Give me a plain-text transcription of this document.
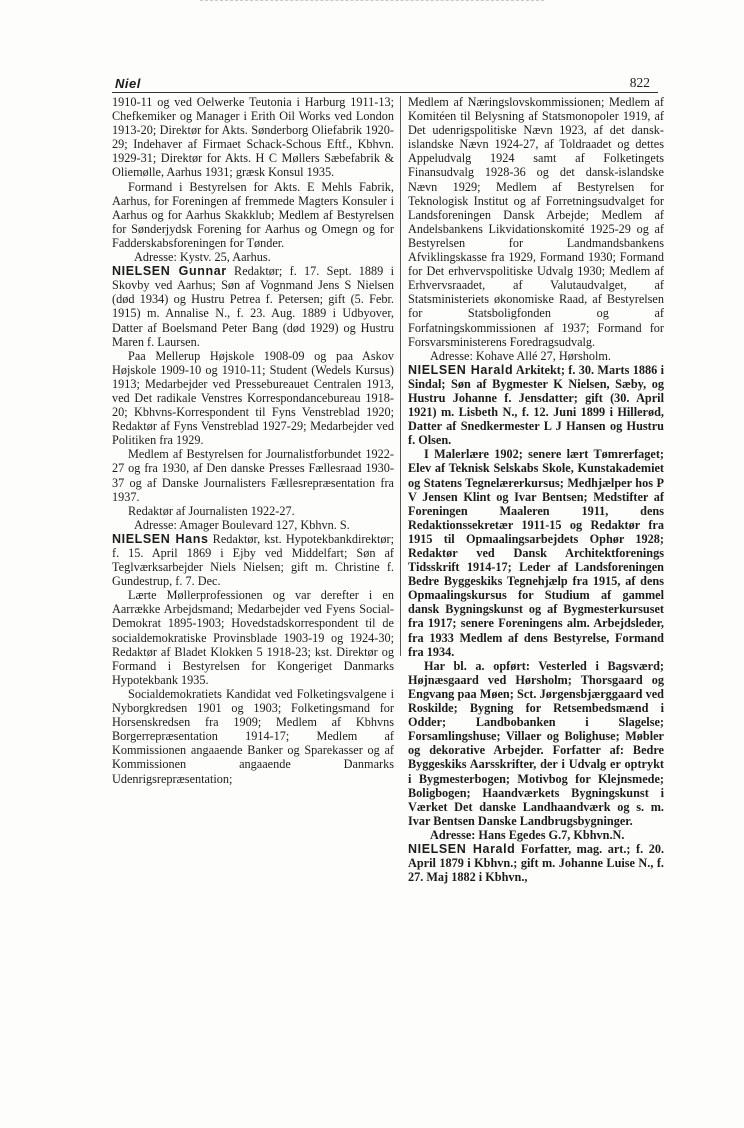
Niel	822

1910-11 og ved Oelwerke Teutonia i Harburg 1911-13; Chefkemiker og Manager i Erith Oil Works ved London 1913-20; Direktør for Akts. Sønderborg Oliefabrik 1920-29; Indehaver af Firmaet Schack-Schous Eftf., Kbhvn. 1929-31; Direktør for Akts. H C Møllers Sæbefabrik & Oliemølle, Aarhus 1931; græsk Konsul 1935.

Formand i Bestyrelsen for Akts. E Mehls Fabrik, Aarhus, for Foreningen af fremmede Magters Konsuler i Aarhus og for Aarhus Skakklub; Medlem af Bestyrelsen for Sønderjydsk Forening for Aarhus og Omegn og for Fadderskabsforeningen for Tønder.

Adresse: Kystv. 25, Aarhus.

NIELSEN Gunnar Redaktør; f. 17. Sept. 1889 i Skovby ved Aarhus; Søn af Vognmand Jens S Nielsen (død 1934) og Hustru Petrea f. Petersen; gift (5. Febr. 1915) m. Annalise N., f. 23. Aug. 1889 i Udbyover, Datter af Boelsmand Peter Bang (død 1929) og Hustru Maren f. Laursen.

Paa Mellerup Højskole 1908-09 og paa Askov Højskole 1909-10 og 1910-11; Student (Wedels Kursus) 1913; Medarbejder ved Pressebureauet Centralen 1913, ved Det radikale Venstres Korrespondancebureau 1918-20; Kbhvns-Korrespondent til Fyns Venstreblad 1920; Redaktør af Fyns Venstreblad 1927-29; Medarbejder ved Politiken fra 1929.

Medlem af Bestyrelsen for Journalistforbundet 1922-27 og fra 1930, af Den danske Presses Fællesraad 1930-37 og af Danske Journalisters Fællesrepræsentation fra 1937.

Redaktør af Journalisten 1922-27.

Adresse: Amager Boulevard 127, Kbhvn. S.

NIELSEN Hans Redaktør, kst. Hypotekbankdirektør; f. 15. April 1869 i Ejby ved Middelfart; Søn af Teglværksarbejder Niels Nielsen; gift m. Christine f. Gundestrup, f. 7. Dec.

Lærte Møllerprofessionen og var derefter i en Aarrække Arbejdsmand; Medarbejder ved Fyens Social-Demokrat 1895-1903; Hovedstadskorrespondent til de socialdemokratiske Provinsblade 1903-19 og 1924-30; Redaktør af Bladet Klokken 5 1918-23; kst. Direktør og Formand i Bestyrelsen for Kongeriget Danmarks Hypotekbank 1935.

Socialdemokratiets Kandidat ved Folketingsvalgene i Nyborgkredsen 1901 og 1903; Folketingsmand for Horsenskredsen fra 1909; Medlem af Kbhvns Borgerrepræsentation 1914-17; Medlem af Kommissionen angaaende Banker og Sparekasser og af Kommissionen angaaende Danmarks Udenrigsrepræsentation;

Medlem af Næringslovskommissionen; Medlem af Komitéen til Belysning af Statsmonopoler 1919, af Det udenrigspolitiske Nævn 1923, af det dansk-islandske Nævn 1924-27, af Toldraadet og dettes Appeludvalg 1924 samt af Folketingets Finansudvalg 1928-36 og det dansk-islandske Nævn 1929; Medlem af Bestyrelsen for Teknologisk Institut og af Forretningsudvalget for Landsforeningen Dansk Arbejde; Medlem af Andelsbankens Likvidationskomité 1925-29 og af Bestyrelsen for Landmandsbankens Afviklingskasse fra 1929, Formand 1930; Formand for Det erhvervspolitiske Udvalg 1930; Medlem af Erhvervsraadet, af Valutaudvalget, af Statsministeriets økonomiske Raad, af Bestyrelsen for Statsboligfonden og af Forfatningskommissionen af 1937; Formand for Forsvarsministerens Foredragsudvalg.

Adresse: Kohave Allé 27, Hørsholm.

NIELSEN Harald Arkitekt; f. 30. Marts 1886 i Sindal; Søn af Bygmester K Nielsen, Sæby, og Hustru Johanne f. Jensdatter; gift (30. April 1921) m. Lisbeth N., f. 12. Juni 1899 i Hillerød, Datter af Snedkermester L J Hansen og Hustru f. Olsen.

I Malerlære 1902; senere lært Tømrerfaget; Elev af Teknisk Selskabs Skole, Kunstakademiet og Statens Tegnelærerkursus; Medhjælper hos P V Jensen Klint og Ivar Bentsen; Medstifter af Foreningen Maaleren 1911, dens Redaktionssekretær 1911-15 og Redaktør fra 1915 til Opmaalingsarbejdets Ophør 1928; Redaktør ved Dansk Architektforenings Tidsskrift 1914-17; Leder af Landsforeningen Bedre Byggeskiks Tegnehjælp fra 1915, af dens Opmaalingskursus for Studium af gammel dansk Bygningskunst og af Bygmesterkursuset fra 1917; senere Foreningens alm. Arbejdsleder, fra 1933 Medlem af dens Bestyrelse, Formand fra 1934.

Har bl. a. opført: Vesterled i Bagsværd; Højnæsgaard ved Hørsholm; Thorsgaard og Engvang paa Møen; Sct. Jørgensbjærggaard ved Roskilde; Bygning for Retsembedsmænd i Odder; Landbobanken i Slagelse; Forsamlingshuse; Villaer og Bolighuse; Møbler og dekorative Arbejder. Forfatter af: Bedre Byggeskiks Aarsskrifter, der i Udvalg er optrykt i Bygmesterbogen; Motivbog for Klejnsmede; Boligbogen; Haandværkets Bygningskunst i Værket Det danske Landhaandværk og s. m. Ivar Bentsen Danske Landbrugsbygninger.

Adresse: Hans Egedes G.7, Kbhvn.N.

NIELSEN Harald Forfatter, mag. art.; f. 20. April 1879 i Kbhvn.; gift m. Johanne Luise N., f. 27. Maj 1882 i Kbhvn.,
